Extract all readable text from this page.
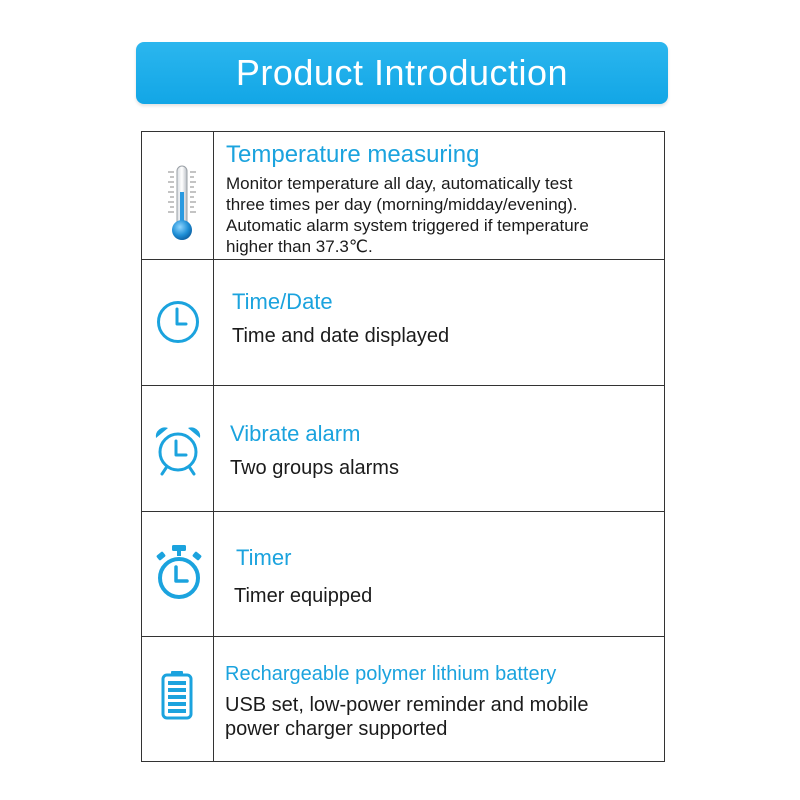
Product Introduction
Temperature measuring
Monitor temperature all day, automatically test
three times per day (morning/midday/evening).
Automatic alarm system triggered if temperature
higher than 37.3℃.
Time/Date
Time and date displayed
Vibrate alarm
Two groups alarms
Timer
Timer equipped
Rechargeable polymer lithium battery
USB set, low-power reminder and mobile
power charger supported
